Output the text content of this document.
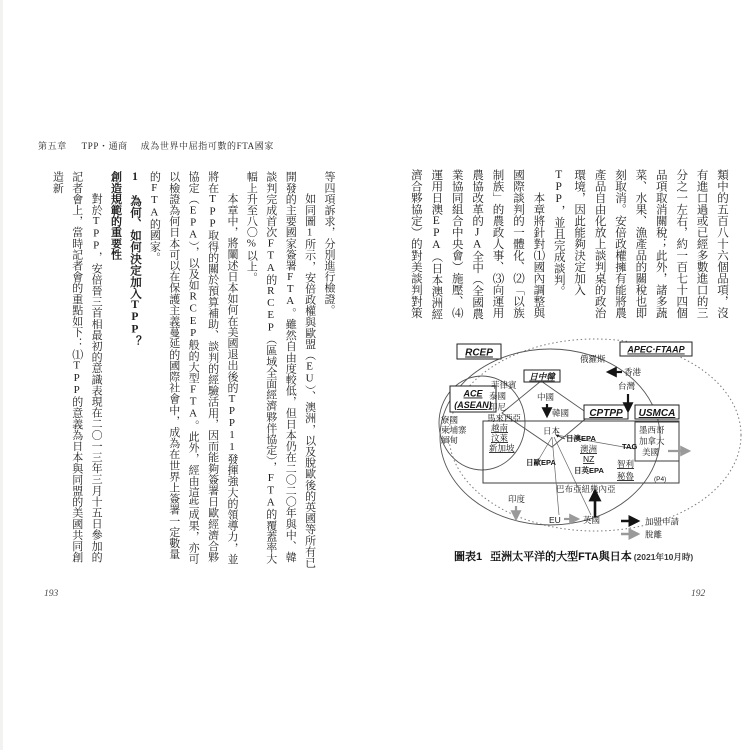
第五章 TPP・通商 成為世界中屈指可數的FTA國家

類中的五百八十六個品項，沒有進口過或已經多數進口的三分之一左右，約一百七十四個品項取消關稅；此外，諸多蔬菜、水果、漁產品的關稅也即刻取消。安倍政權擁有能將農產品自由化放上談判桌的政治環境，因此能夠決定加入TPP，並且完成談判。

本章將針對⑴國內調整與國際談判的一體化、⑵「以族制族」的農政人事、⑶向運用農協改革的JA全中（全國農業協同組合中央會）施壓、⑷運用日澳EPA（日本澳洲經濟合夥協定）的對美談判對策

等四項訴求，分別進行檢證。

如同圖1所示，安倍政權與歐盟（EU）、澳洲，以及脫歐後的英國等所有已開發的主要國家簽署FTA。雖然自由度較低，但日本仍在二〇二〇年與中、韓談判完成首次FTA的RCEP（區域全面經濟夥伴協定），FTA的覆蓋率大幅上升至八〇%以上。

本章中，將闡述日本如何在美國退出後的TPP11發揮強大的領導力，並將在TPP取得的關於預算補助、談判的經驗活用，因而能夠簽署日歐經濟合夥協定（EPA），以及如RCEP般的大型FTA。此外，經由這些成果，亦可以檢證為何日本可以在保護主義蔓延的國際社會中，成為在世界上簽署一定數量的FTA的國家。

1　為何、如何決定加入TPP？

創造規範的重要性

對於TPP，安倍晉三首相最初的意識表現在二〇一三年三月十五日參加的記者會上，當時記者會的重點如下：⑴TPP的意義為日本與同盟的美國共同創造新

RCEP	APEC·FTAAP
日中韓
ACE
(ASEAN)
CPTPP USMCA
俄羅斯
香港
台灣
中國
韓國
日本
菲律賓
泰國
印尼
馬來西亞
越南
汶萊
新加坡
寮國
柬埔寨
緬甸
墨西哥
加拿大
美國
TAG
日澳EPA
澳洲
NZ
日英EPA
日歐EPA	智利
秘魯	(P4)
巴布亞紐幾內亞
印度
英國
EU	加盟申請
脫離
圖表1 亞洲太平洋的大型FTA與日本 (2021年10月時)
193	192
